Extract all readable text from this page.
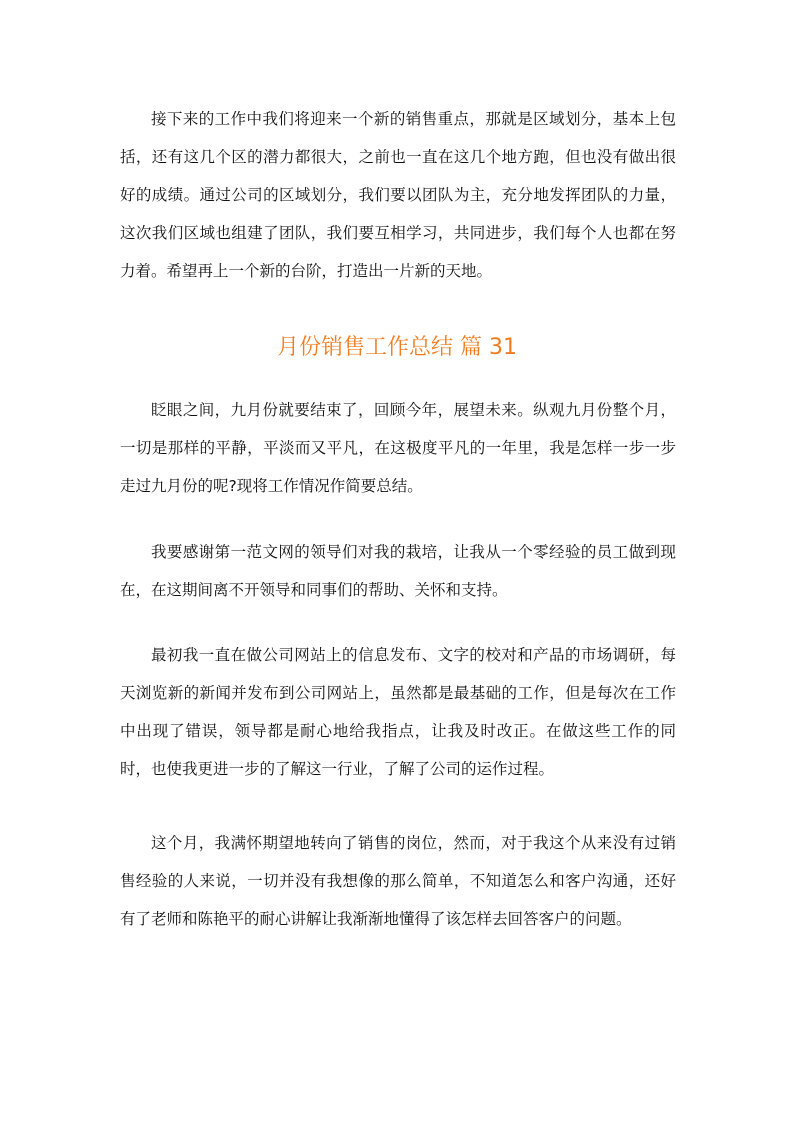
接下来的工作中我们将迎来一个新的销售重点，那就是区域划分，基本上包括，还有这几个区的潜力都很大，之前也一直在这几个地方跑，但也没有做出很好的成绩。通过公司的区域划分，我们要以团队为主，充分地发挥团队的力量，这次我们区域也组建了团队，我们要互相学习，共同进步，我们每个人也都在努力着。希望再上一个新的台阶，打造出一片新的天地。

月份销售工作总结 篇 31

眨眼之间，九月份就要结束了，回顾今年，展望未来。纵观九月份整个月，一切是那样的平静，平淡而又平凡，在这极度平凡的一年里，我是怎样一步一步走过九月份的呢?现将工作情况作简要总结。

我要感谢第一范文网的领导们对我的栽培，让我从一个零经验的员工做到现在，在这期间离不开领导和同事们的帮助、关怀和支持。

最初我一直在做公司网站上的信息发布、文字的校对和产品的市场调研，每天浏览新的新闻并发布到公司网站上，虽然都是最基础的工作，但是每次在工作中出现了错误，领导都是耐心地给我指点，让我及时改正。在做这些工作的同时，也使我更进一步的了解这一行业，了解了公司的运作过程。

这个月，我满怀期望地转向了销售的岗位，然而，对于我这个从来没有过销售经验的人来说，一切并没有我想像的那么简单，不知道怎么和客户沟通，还好有了老师和陈艳平的耐心讲解让我渐渐地懂得了该怎样去回答客户的问题。
